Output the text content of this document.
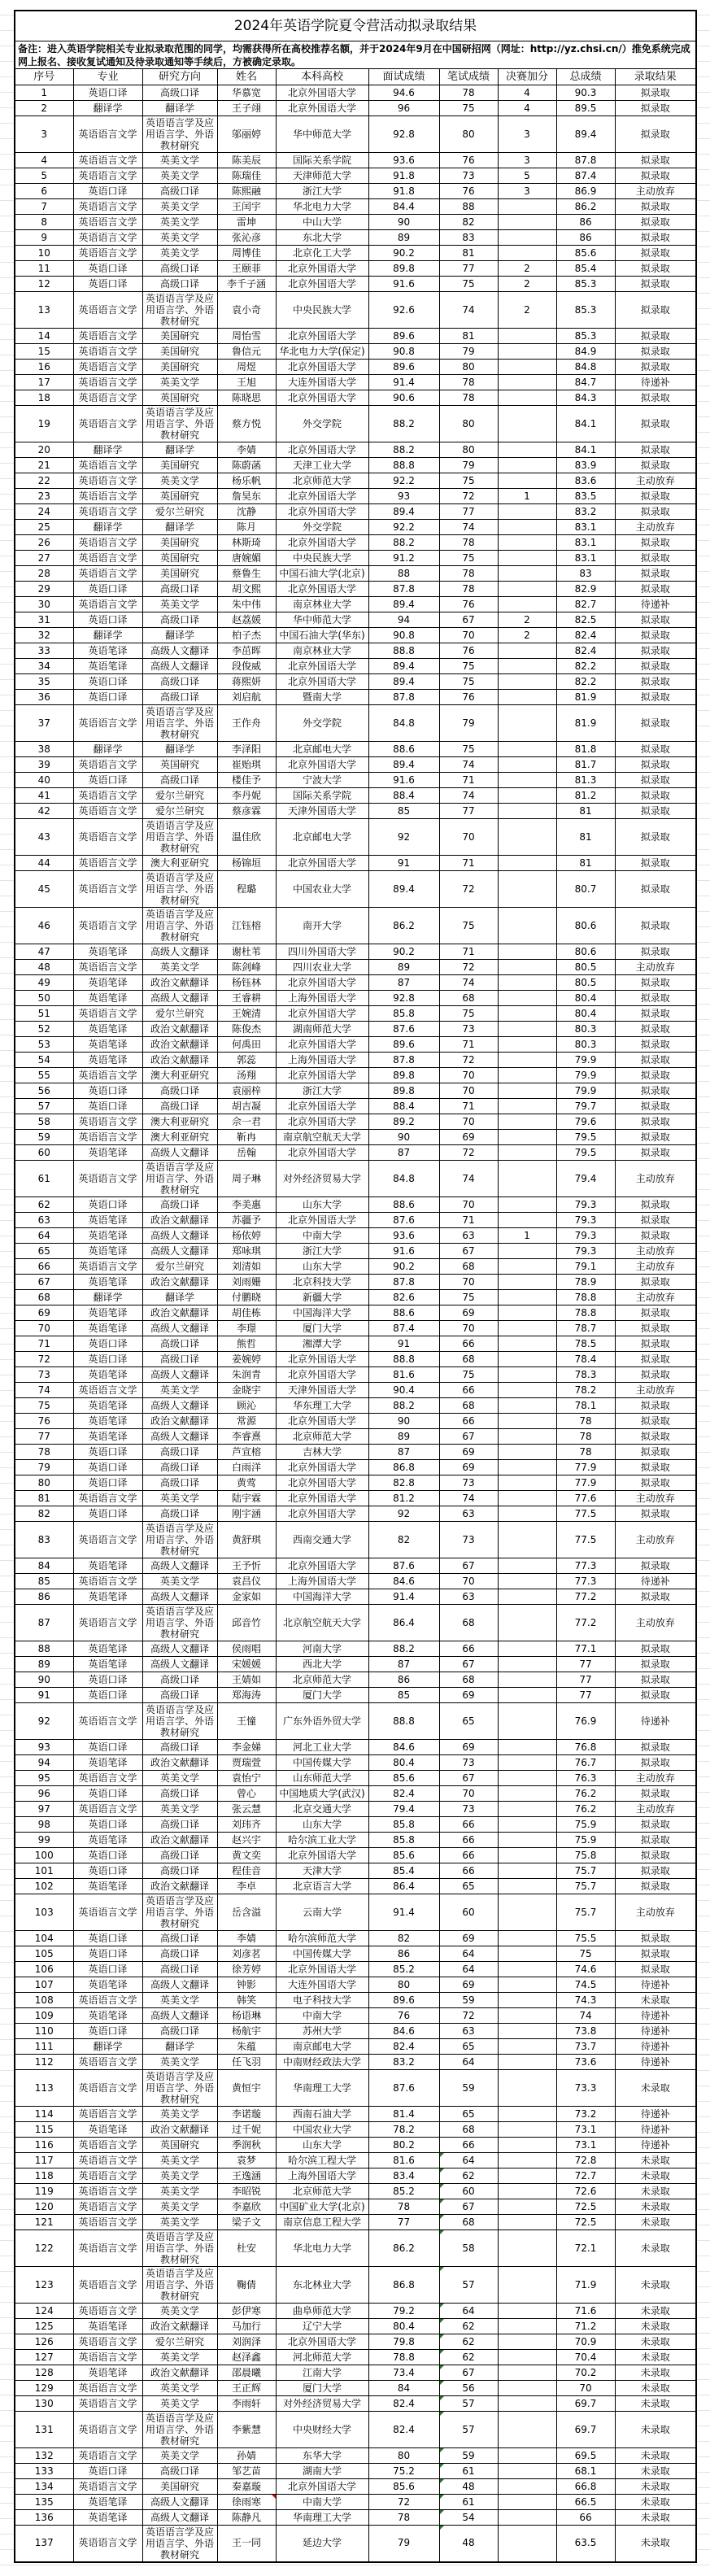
2024年英语学院夏令营活动拟录取结果									
备注：进入英语学院相关专业拟录取范围的同学，均需获得所在高校推荐名额，并于2024年9月在中国研招网（网址：http://yz.chsi.cn/）推免系统完成网上报名、接收复试通知及待录取通知等手续后，方被确定录取。									
序号	专业	研究方向	姓名	本科高校	面试成绩	笔试成绩	决赛加分	总成绩	录取结果
1	英语口译	高级口译	华慕宽	北京外国语大学	94.6	78	4	90.3	拟录取
2	翻译学	翻译学	王子翊	北京外国语大学	96	75	4	89.5	拟录取
3	英语语言文学	英语语言学及应用语言学、外语教材研究	邬丽婷	华中师范大学	92.8	80	3	89.4	拟录取
4	英语语言文学	英美文学	陈美辰	国际关系学院	93.6	76	3	87.8	拟录取
5	英语语言文学	英美文学	陈瑞佳	天津师范大学	91.8	73	5	87.4	拟录取
6	英语口译	高级口译	陈熙融	浙江大学	91.8	76	3	86.9	主动放弃
7	英语语言文学	英美文学	王闰宇	华北电力大学	84.4	88		86.2	拟录取
8	英语语言文学	英美文学	雷坤	中山大学	90	82		86	拟录取
9	英语语言文学	英美文学	张沁彦	东北大学	89	83		86	拟录取
10	英语语言文学	英美文学	周博佳	北京化工大学	90.2	81		85.6	拟录取
11	英语口译	高级口译	王颐菲	北京外国语大学	89.8	77	2	85.4	拟录取
12	英语口译	高级口译	李千子涵	北京外国语大学	91.6	75	2	85.3	拟录取
13	英语语言文学	英语语言学及应用语言学、外语教材研究	袁小奇	中央民族大学	92.6	74	2	85.3	拟录取
14	英语语言文学	美国研究	周怡雪	北京外国语大学	89.6	81		85.3	拟录取
15	英语语言文学	美国研究	鲁信元	华北电力大学(保定)	90.8	79		84.9	拟录取
16	英语语言文学	美国研究	周煜	北京外国语大学	89.6	80		84.8	拟录取
17	英语语言文学	英美文学	王旭	大连外国语大学	91.4	78		84.7	待递补
18	英语语言文学	英国研究	陈晓思	北京外国语大学	90.6	78		84.3	拟录取
19	英语语言文学	英语语言学及应用语言学、外语教材研究	蔡方悦	外交学院	88.2	80		84.1	拟录取
20	翻译学	翻译学	李婧	北京外国语大学	88.2	80		84.1	拟录取
21	英语语言文学	美国研究	陈蔚菡	天津工业大学	88.8	79		83.9	拟录取
22	英语语言文学	英美文学	杨乐帆	北京师范大学	92.2	75		83.6	主动放弃
23	英语语言文学	英国研究	詹昊东	北京外国语大学	93	72	1	83.5	拟录取
24	英语语言文学	爱尔兰研究	沈静	北京外国语大学	89.4	77		83.2	拟录取
25	翻译学	翻译学	陈月	外交学院	92.2	74		83.1	主动放弃
26	英语语言文学	美国研究	林斯琦	北京外国语大学	88.2	78		83.1	拟录取
27	英语语言文学	英国研究	唐婉媚	中央民族大学	91.2	75		83.1	拟录取
28	英语语言文学	美国研究	蔡鲁生	中国石油大学(北京)	88	78		83	拟录取
29	英语口译	高级口译	胡文熙	北京外国语大学	87.8	78		82.9	拟录取
30	英语语言文学	英美文学	朱中伟	南京林业大学	89.4	76		82.7	待递补
31	英语口译	高级口译	赵荔媛	华中师范大学	94	67	2	82.5	拟录取
32	翻译学	翻译学	柏子杰	中国石油大学(华东)	90.8	70	2	82.4	拟录取
33	英语笔译	高级人文翻译	李茁晖	南京林业大学	88.8	76		82.4	拟录取
34	英语笔译	高级人文翻译	段俊威	北京外国语大学	89.4	75		82.2	拟录取
35	英语口译	高级口译	蒋熙妍	北京外国语大学	89.4	75		82.2	拟录取
36	英语口译	高级口译	刘启航	暨南大学	87.8	76		81.9	拟录取
37	英语语言文学	英语语言学及应用语言学、外语教材研究	王作舟	外交学院	84.8	79		81.9	拟录取
38	翻译学	翻译学	李泽阳	北京邮电大学	88.6	75		81.8	拟录取
39	英语语言文学	英国研究	崔贻琪	北京外国语大学	89.4	74		81.7	拟录取
40	英语口译	高级口译	楼佳予	宁波大学	91.6	71		81.3	拟录取
41	英语语言文学	爱尔兰研究	李丹妮	国际关系学院	88.4	74		81.2	拟录取
42	英语语言文学	爱尔兰研究	蔡彦霖	天津外国语大学	85	77		81	拟录取
43	英语语言文学	英语语言学及应用语言学、外语教材研究	温佳欣	北京邮电大学	92	70		81	拟录取
44	英语语言文学	澳大利亚研究	杨锦垣	北京外国语大学	91	71		81	拟录取
45	英语语言文学	英语语言学及应用语言学、外语教材研究	程璐	中国农业大学	89.4	72		80.7	拟录取
46	英语语言文学	英语语言学及应用语言学、外语教材研究	江钰榕	南开大学	86.2	75		80.6	拟录取
47	英语笔译	高级人文翻译	谢杜苇	四川外国语大学	90.2	71		80.6	拟录取
48	英语语言文学	英美文学	陈剑峰	四川农业大学	89	72		80.5	主动放弃
49	英语笔译	政治文献翻译	杨钰林	北京外国语大学	87	74		80.5	拟录取
50	英语笔译	高级人文翻译	王睿耕	上海外国语大学	92.8	68		80.4	拟录取
51	英语语言文学	爱尔兰研究	王婉清	北京外国语大学	85.8	75		80.4	拟录取
52	英语笔译	政治文献翻译	陈俊杰	湖南师范大学	87.6	73		80.3	拟录取
53	英语笔译	政治文献翻译	何禹田	北京外国语大学	89.6	71		80.3	拟录取
54	英语笔译	政治文献翻译	郭蕊	上海外国语大学	87.8	72		79.9	拟录取
55	英语语言文学	澳大利亚研究	汤翔	北京外国语大学	89.8	70		79.9	拟录取
56	英语口译	高级口译	袁丽梓	浙江大学	89.8	70		79.9	拟录取
57	英语口译	高级口译	胡吉凝	北京外国语大学	88.4	71		79.7	拟录取
58	英语语言文学	澳大利亚研究	佘一君	北京外国语大学	89.2	70		79.6	拟录取
59	英语语言文学	澳大利亚研究	靳冉	南京航空航天大学	90	69		79.5	拟录取
60	英语笔译	高级人文翻译	岳翰	北京外国语大学	87	72		79.5	拟录取
61	英语语言文学	英语语言学及应用语言学、外语教材研究	周子琳	对外经济贸易大学	84.8	74		79.4	主动放弃
62	英语口译	高级口译	李美惠	山东大学	88.6	70		79.3	拟录取
63	英语笔译	政治文献翻译	苏疆予	北京外国语大学	87.6	71		79.3	拟录取
64	英语笔译	高级人文翻译	杨依婷	中南大学	93.6	63	1	79.3	拟录取
65	英语笔译	高级人文翻译	郑咏琪	浙江大学	91.6	67		79.3	主动放弃
66	英语语言文学	爱尔兰研究	刘清如	山东大学	90.2	68		79.1	主动放弃
67	英语笔译	政治文献翻译	刘雨姗	北京科技大学	87.8	70		78.9	拟录取
68	翻译学	翻译学	付鹏晓	新疆大学	82.6	75		78.8	主动放弃
69	英语笔译	政治文献翻译	胡佳栋	中国海洋大学	88.6	69		78.8	拟录取
70	英语笔译	高级人文翻译	李璟	厦门大学	87.4	70		78.7	拟录取
71	英语口译	高级口译	熊哲	湘潭大学	91	66		78.5	拟录取
72	英语口译	高级口译	姜婉婷	北京外国语大学	88.8	68		78.4	拟录取
73	英语笔译	高级人文翻译	朱润青	北京外国语大学	81.6	75		78.3	拟录取
74	英语语言文学	英美文学	金晓宇	天津外国语大学	90.4	66		78.2	主动放弃
75	英语笔译	高级人文翻译	顾沁	华东理工大学	88.2	68		78.1	拟录取
76	英语笔译	政治文献翻译	常源	北京外国语大学	90	66		78	拟录取
77	英语笔译	高级人文翻译	李睿熹	北京师范大学	89	67		78	拟录取
78	英语口译	高级口译	芦宣榕	吉林大学	87	69		78	拟录取
79	英语口译	高级口译	白雨洋	北京外国语大学	86.8	69		77.9	拟录取
80	英语口译	高级口译	黄莺	北京外国语大学	82.8	73		77.9	拟录取
81	英语语言文学	英美文学	陆宇霖	北京外国语大学	81.2	74		77.6	主动放弃
82	英语口译	高级口译	刚宇涵	北京外国语大学	92	63		77.5	拟录取
83	英语语言文学	英语语言学及应用语言学、外语教材研究	黄舒琪	西南交通大学	82	73		77.5	主动放弃
84	英语笔译	高级人文翻译	王予忻	北京外国语大学	87.6	67		77.3	拟录取
85	英语语言文学	英美文学	袁昌仪	上海外国语大学	84.6	70		77.3	待递补
86	英语笔译	高级人文翻译	金家如	中国海洋大学	91.4	63		77.2	拟录取
87	英语语言文学	英语语言学及应用语言学、外语教材研究	邱音竹	北京航空航天大学	86.4	68		77.2	主动放弃
88	英语笔译	高级人文翻译	侯雨唱	河南大学	88.2	66		77.1	拟录取
89	英语笔译	高级人文翻译	宋媛媛	西北大学	87	67		77	拟录取
90	英语口译	高级口译	王婧如	北京师范大学	86	68		77	拟录取
91	英语口译	高级口译	郑海涛	厦门大学	85	69		77	拟录取
92	英语语言文学	英语语言学及应用语言学、外语教材研究	王憧	广东外语外贸大学	88.8	65		76.9	待递补
93	英语口译	高级口译	李金娣	河北工业大学	84.6	69		76.8	拟录取
94	英语笔译	政治文献翻译	贾瑞萱	中国传媒大学	80.4	73		76.7	拟录取
95	英语语言文学	英美文学	袁怡宁	山东师范大学	85.6	67		76.3	主动放弃
96	英语口译	高级口译	曾心	中国地质大学(武汉)	82.4	70		76.2	拟录取
97	英语语言文学	英美文学	张云慧	北京交通大学	79.4	73		76.2	主动放弃
98	英语口译	高级口译	刘玮齐	山东大学	85.8	66		75.9	拟录取
99	英语笔译	政治文献翻译	赵兴宇	哈尔滨工业大学	85.8	66		75.9	拟录取
100	英语口译	高级口译	黄文奕	北京外国语大学	85.6	66		75.8	拟录取
101	英语口译	高级口译	程佳音	天津大学	85.4	66		75.7	拟录取
102	英语笔译	政治文献翻译	李卓	北京语言大学	86.4	65		75.7	拟录取
103	英语语言文学	英语语言学及应用语言学、外语教材研究	岳含溢	云南大学	91.4	60		75.7	主动放弃
104	英语口译	高级口译	李婧	哈尔滨师范大学	82	69		75.5	拟录取
105	英语口译	高级口译	刘彦茗	中国传媒大学	86	64		75	拟录取
106	英语口译	高级口译	徐芳婷	北京外国语大学	85.2	64		74.6	拟录取
107	英语笔译	高级人文翻译	钟影	大连外国语大学	80	69		74.5	待递补
108	英语语言文学	英美文学	韩笑	电子科技大学	89.6	59		74.3	未录取
109	英语笔译	高级人文翻译	杨语琳	中南大学	76	72		74	待递补
110	英语口译	高级口译	杨航宇	苏州大学	84.6	63		73.8	待递补
111	翻译学	翻译学	朱蕴	南京邮电大学	82.4	65		73.7	待递补
112	英语语言文学	英美文学	任飞羽	中南财经政法大学	83.2	64		73.6	待递补
113	英语语言文学	英语语言学及应用语言学、外语教材研究	黄恒宇	华南理工大学	87.6	59		73.3	未录取
114	英语语言文学	英美文学	李诺璇	西南石油大学	81.4	65		73.2	待递补
115	英语笔译	政治文献翻译	过千妮	中国农业大学	78.2	68		73.1	待递补
116	英语语言文学	英国研究	季润秋	山东大学	80.2	66		73.1	待递补
117	英语语言文学	英美文学	袁梦	哈尔滨工程大学	81.6	64		72.8	未录取
118	英语语言文学	英美文学	王逸涵	上海外国语大学	83.4	62		72.7	未录取
119	英语语言文学	英美文学	李昭锐	北京师范大学	85.2	60		72.6	未录取
120	英语语言文学	英美文学	李嘉欣	中国矿业大学(北京)	78	67		72.5	未录取
121	英语语言文学	英美文学	梁子文	南京信息工程大学	77	68		72.5	未录取
122	英语语言文学	英语语言学及应用语言学、外语教材研究	杜安	华北电力大学	86.2	58		72.1	未录取
123	英语语言文学	英语语言学及应用语言学、外语教材研究	鞠倩	东北林业大学	86.8	57		71.9	未录取
124	英语语言文学	英美文学	彭伊寒	曲阜师范大学	79.2	64		71.6	未录取
125	英语笔译	政治文献翻译	马加行	辽宁大学	80.4	62		71.2	未录取
126	英语语言文学	爱尔兰研究	刘润泽	北京外国语大学	79.8	62		70.9	未录取
127	英语语言文学	英美文学	赵泽鑫	河北师范大学	78.8	62		70.4	未录取
128	英语笔译	政治文献翻译	邵晨曦	江南大学	73.4	67		70.2	未录取
129	英语语言文学	英美文学	王正辉	厦门大学	84	56		70	未录取
130	英语语言文学	英美文学	李雨轩	对外经济贸易大学	82.4	57		69.7	未录取
131	英语语言文学	英语语言学及应用语言学、外语教材研究	李紫慧	中央财经大学	82.4	57		69.7	未录取
132	英语语言文学	英美文学	孙婧	东华大学	80	59		69.5	未录取
133	英语口译	高级口译	邹艺苗	湖南大学	75.2	61		68.1	未录取
134	英语语言文学	美国研究	秦嘉璇	北京外国语大学	85.6	48		66.8	未录取
135	英语笔译	高级人文翻译	徐雨寒	中南大学	72	61		66.5	未录取
136	英语笔译	高级人文翻译	陈静凡	华南理工大学	78	54		66	未录取
137	英语语言文学	英语语言学及应用语言学、外语教材研究	王一同	延边大学	79	48		63.5	未录取
